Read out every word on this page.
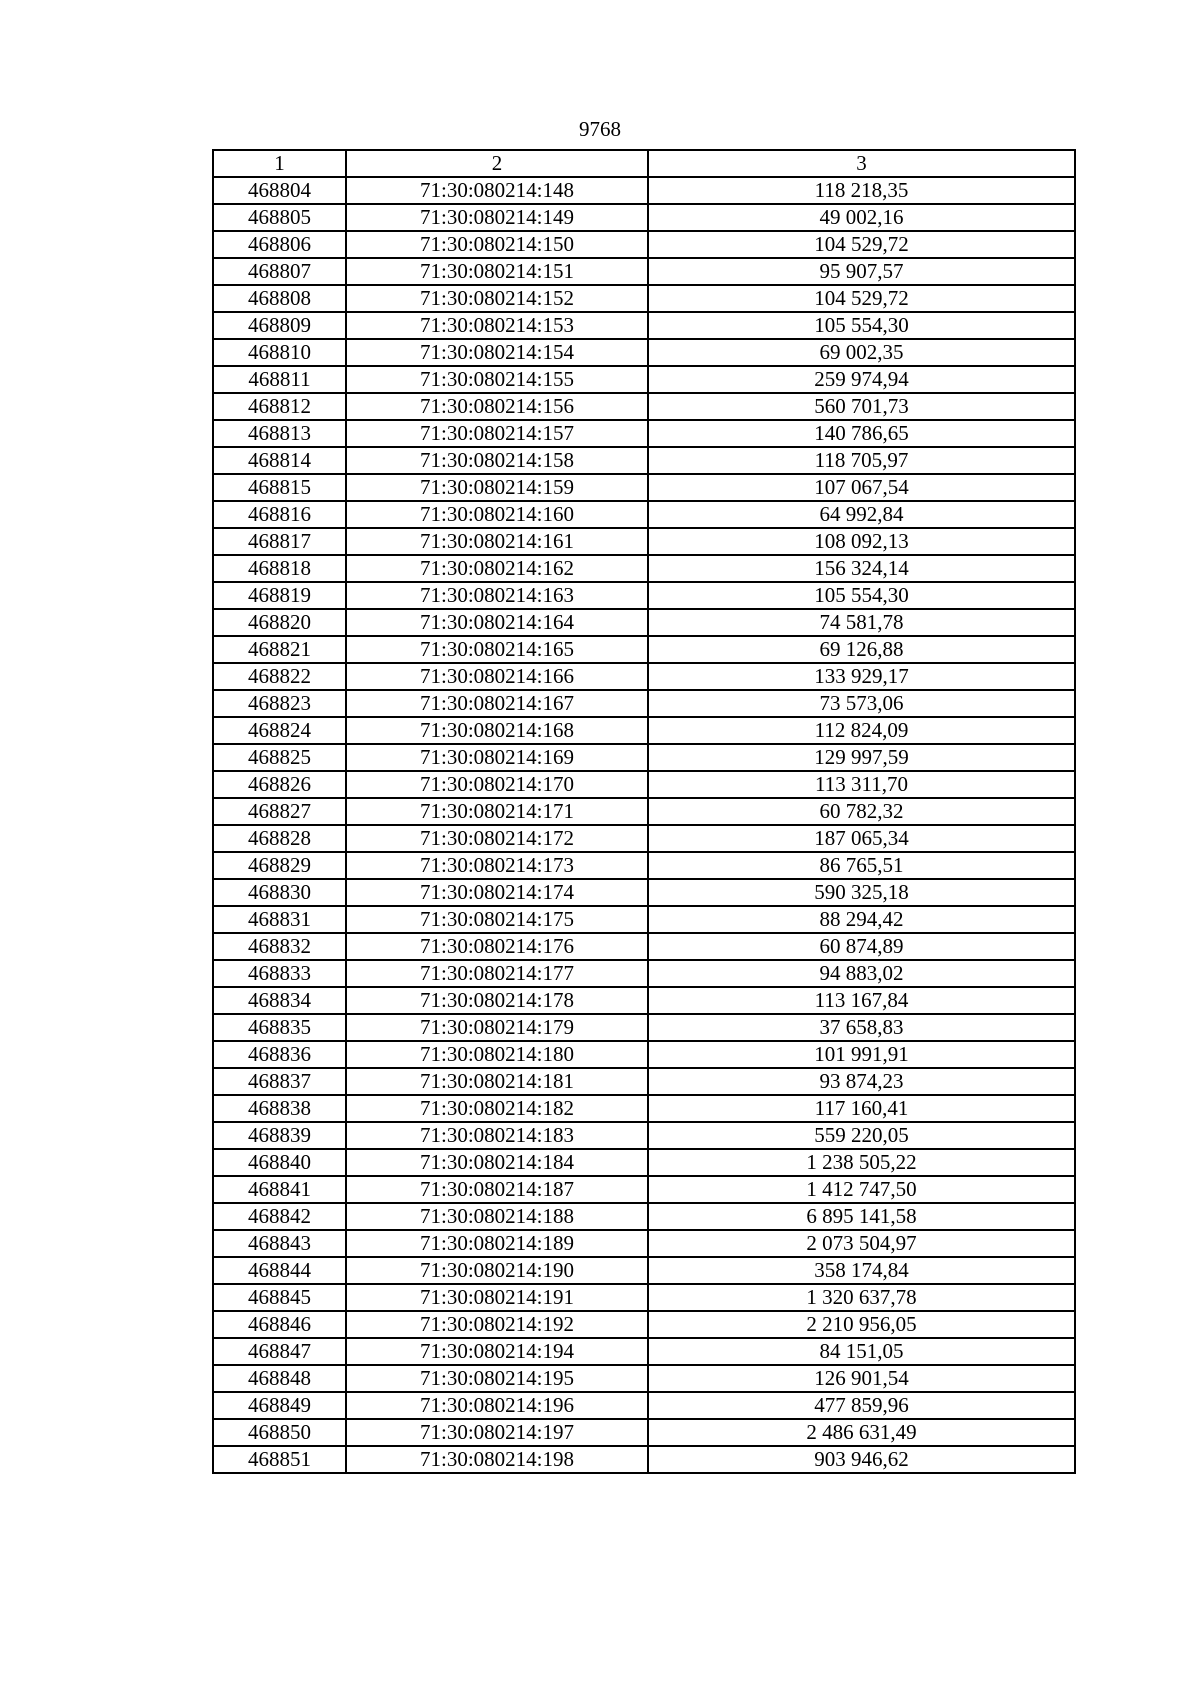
9768
1	2	3
468804	71:30:080214:148	118 218,35
468805	71:30:080214:149	49 002,16
468806	71:30:080214:150	104 529,72
468807	71:30:080214:151	95 907,57
468808	71:30:080214:152	104 529,72
468809	71:30:080214:153	105 554,30
468810	71:30:080214:154	69 002,35
468811	71:30:080214:155	259 974,94
468812	71:30:080214:156	560 701,73
468813	71:30:080214:157	140 786,65
468814	71:30:080214:158	118 705,97
468815	71:30:080214:159	107 067,54
468816	71:30:080214:160	64 992,84
468817	71:30:080214:161	108 092,13
468818	71:30:080214:162	156 324,14
468819	71:30:080214:163	105 554,30
468820	71:30:080214:164	74 581,78
468821	71:30:080214:165	69 126,88
468822	71:30:080214:166	133 929,17
468823	71:30:080214:167	73 573,06
468824	71:30:080214:168	112 824,09
468825	71:30:080214:169	129 997,59
468826	71:30:080214:170	113 311,70
468827	71:30:080214:171	60 782,32
468828	71:30:080214:172	187 065,34
468829	71:30:080214:173	86 765,51
468830	71:30:080214:174	590 325,18
468831	71:30:080214:175	88 294,42
468832	71:30:080214:176	60 874,89
468833	71:30:080214:177	94 883,02
468834	71:30:080214:178	113 167,84
468835	71:30:080214:179	37 658,83
468836	71:30:080214:180	101 991,91
468837	71:30:080214:181	93 874,23
468838	71:30:080214:182	117 160,41
468839	71:30:080214:183	559 220,05
468840	71:30:080214:184	1 238 505,22
468841	71:30:080214:187	1 412 747,50
468842	71:30:080214:188	6 895 141,58
468843	71:30:080214:189	2 073 504,97
468844	71:30:080214:190	358 174,84
468845	71:30:080214:191	1 320 637,78
468846	71:30:080214:192	2 210 956,05
468847	71:30:080214:194	84 151,05
468848	71:30:080214:195	126 901,54
468849	71:30:080214:196	477 859,96
468850	71:30:080214:197	2 486 631,49
468851	71:30:080214:198	903 946,62
